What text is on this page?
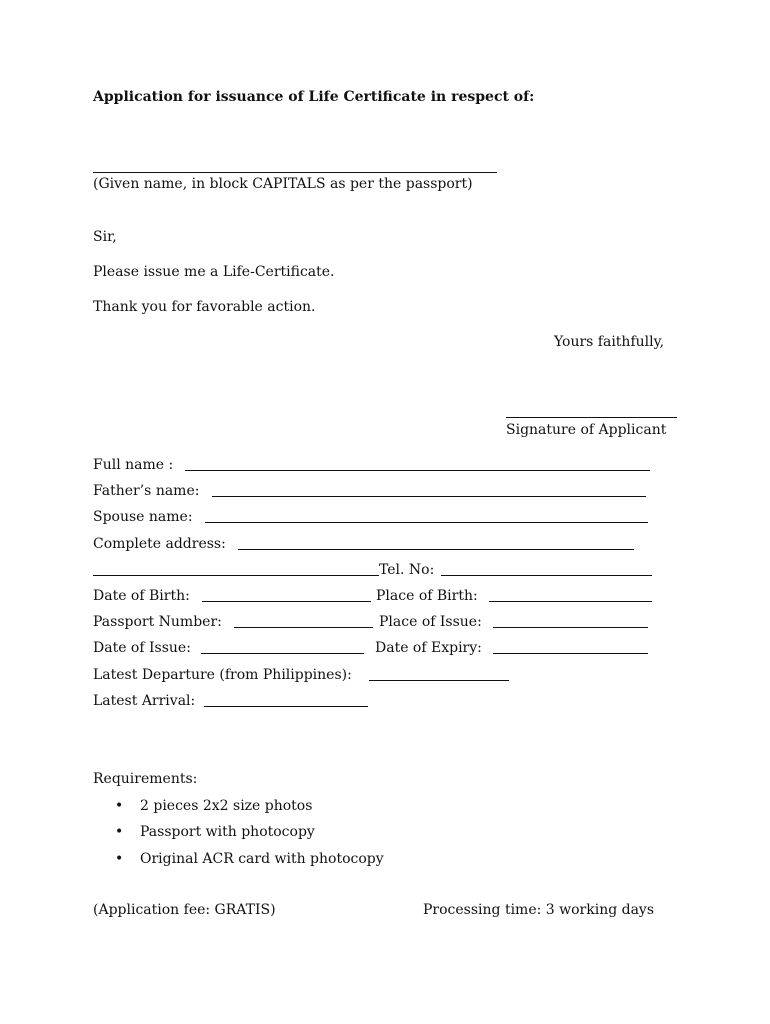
Application for issuance of Life Certificate in respect of:
(Given name, in block CAPITALS as per the passport)
Sir,
Please issue me a Life-Certificate.
Thank you for favorable action.
Yours faithfully,
Signature of Applicant
Full name :
Father’s name:
Spouse name:
Complete address:
Tel. No:
Date of Birth:	Place of Birth:
Passport Number:	Place of Issue:
Date of Issue:	Date of Expiry:
Latest Departure (from Philippines):
Latest Arrival:
Requirements:
• 2 pieces 2x2 size photos
• Passport with photocopy
• Original ACR card with photocopy
(Application fee: GRATIS)	Processing time: 3 working days
